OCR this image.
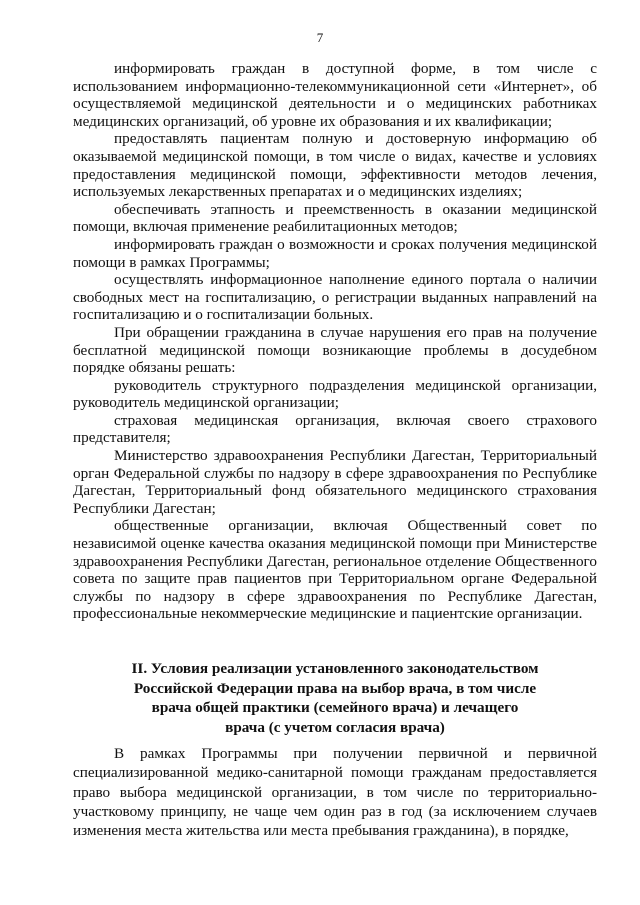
7

информировать граждан в доступной форме, в том числе с использованием информационно-телекоммуникационной сети «Интернет», об осуществляемой медицинской деятельности и о медицинских работниках медицинских организаций, об уровне их образования и их квалификации;

предоставлять пациентам полную и достоверную информацию об оказываемой медицинской помощи, в том числе о видах, качестве и условиях предоставления медицинской помощи, эффективности методов лечения, используемых лекарственных препаратах и о медицинских изделиях;

обеспечивать этапность и преемственность в оказании медицинской помощи, включая применение реабилитационных методов;

информировать граждан о возможности и сроках получения медицинской помощи в рамках Программы;

осуществлять информационное наполнение единого портала о наличии свободных мест на госпитализацию, о регистрации выданных направлений на госпитализацию и о госпитализации больных.

При обращении гражданина в случае нарушения его прав на получение бесплатной медицинской помощи возникающие проблемы в досудебном порядке обязаны решать:

руководитель структурного подразделения медицинской организации, руководитель медицинской организации;

страховая медицинская организация, включая своего страхового представителя;

Министерство здравоохранения Республики Дагестан, Территориальный орган Федеральной службы по надзору в сфере здравоохранения по Республике Дагестан, Территориальный фонд обязательного медицинского страхования Республики Дагестан;

общественные организации, включая Общественный совет по независимой оценке качества оказания медицинской помощи при Министерстве здравоохранения Республики Дагестан, региональное отделение Общественного совета по защите прав пациентов при Территориальном органе Федеральной службы по надзору в сфере здравоохранения по Республике Дагестан, профессиональные некоммерческие медицинские и пациентские организации.

II. Условия реализации установленного законодательством
Российской Федерации права на выбор врача, в том числе
врача общей практики (семейного врача) и лечащего
врача (с учетом согласия врача)

В рамках Программы при получении первичной и первичной специализированной медико-санитарной помощи гражданам предоставляется право выбора медицинской организации, в том числе по территориально-участковому принципу, не чаще чем один раз в год (за исключением случаев изменения места жительства или места пребывания гражданина), в порядке,
